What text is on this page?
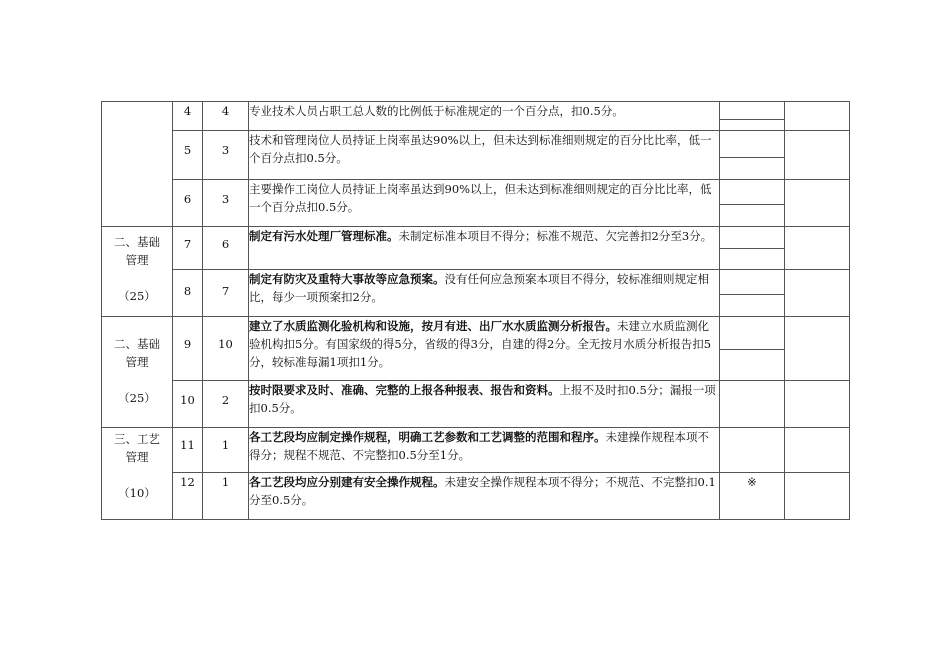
	4	4	专业技术人员占职工总人数的比例低于标准规定的一个百分点，扣0.5分。	

	5	3	技术和管理岗位人员持证上岗率虽达90%以上，但未达到标准细则规定的百分比比率，低一个百分点扣0.5分。	

	6	3	主要操作工岗位人员持证上岗率虽达到90%以上，但未达到标准细则规定的百分比比率，低一个百分点扣0.5分。	

二、基础
管理
（25）	7	6	制定有污水处理厂管理标准。未制定标准本项目不得分；标准不规范、欠完善扣2分至3分。	

	8	7	制定有防灾及重特大事故等应急预案。没有任何应急预案本项目不得分，较标准细则规定相比，每少一项预案扣2分。	

二、基础
管理
（25）	9	10	建立了水质监测化验机构和设施，按月有进、出厂水水质监测分析报告。未建立水质监测化验机构扣5分。有国家级的得5分，省级的得3分，自建的得2分。全无按月水质分析报告扣5分，较标准每漏1项扣1分。	

	10	2	按时限要求及时、准确、完整的上报各种报表、报告和资料。上报不及时扣0.5分；漏报一项扣0.5分。		

三、工艺
管理
（10）	11	1	各工艺段均应制定操作规程，明确工艺参数和工艺调整的范围和程序。未建操作规程本项不得分；规程不规范、不完整扣0.5分至1分。		
	12	1	各工艺段均应分别建有安全操作规程。未建安全操作规程本项不得分；不规范、不完整扣0.1分至0.5分。	※	
